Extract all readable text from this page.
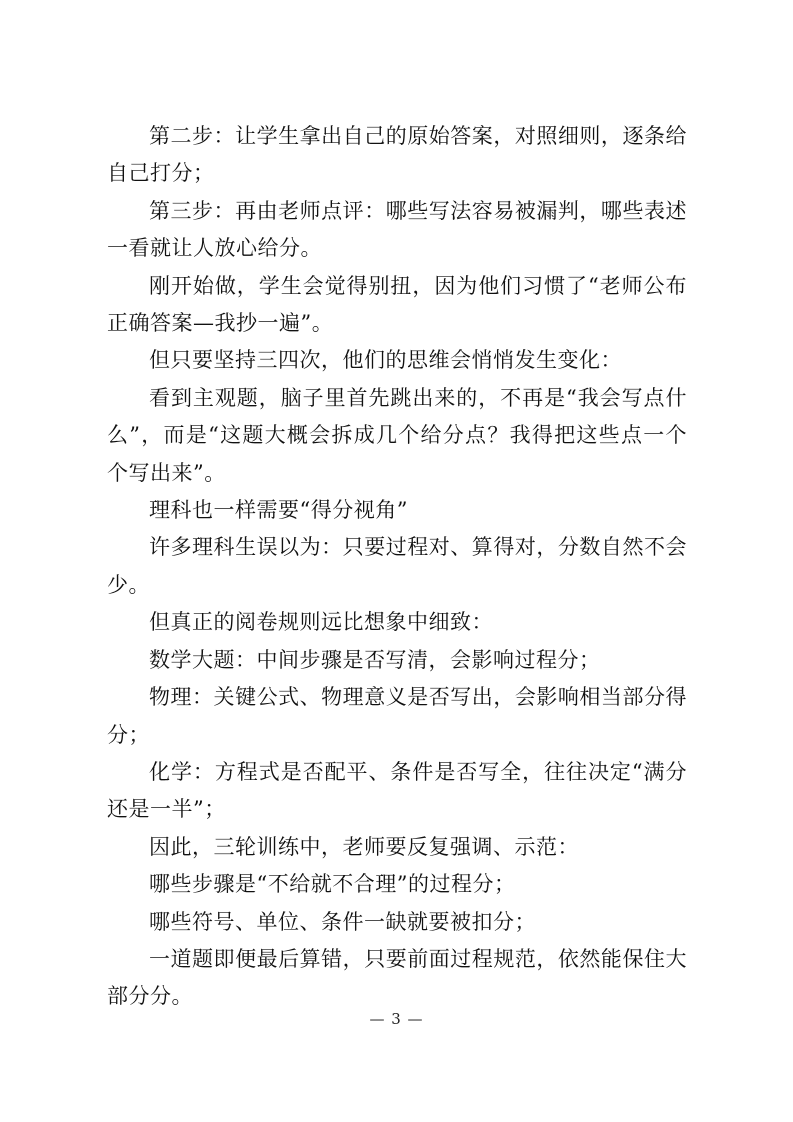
第二步：让学生拿出自己的原始答案，对照细则，逐条给自己打分；

第三步：再由老师点评：哪些写法容易被漏判，哪些表述一看就让人放心给分。

刚开始做，学生会觉得别扭，因为他们习惯了“老师公布正确答案—我抄一遍”。

但只要坚持三四次，他们的思维会悄悄发生变化：

看到主观题，脑子里首先跳出来的，不再是“我会写点什么”，而是“这题大概会拆成几个给分点？我得把这些点一个个写出来”。

理科也一样需要“得分视角”

许多理科生误以为：只要过程对、算得对，分数自然不会少。

但真正的阅卷规则远比想象中细致：

数学大题：中间步骤是否写清，会影响过程分；

物理：关键公式、物理意义是否写出，会影响相当部分得分；

化学：方程式是否配平、条件是否写全，往往决定“满分还是一半”；

因此，三轮训练中，老师要反复强调、示范：

哪些步骤是“不给就不合理”的过程分；

哪些符号、单位、条件一缺就要被扣分；

一道题即便最后算错，只要前面过程规范，依然能保住大部分分。

— 3 —
